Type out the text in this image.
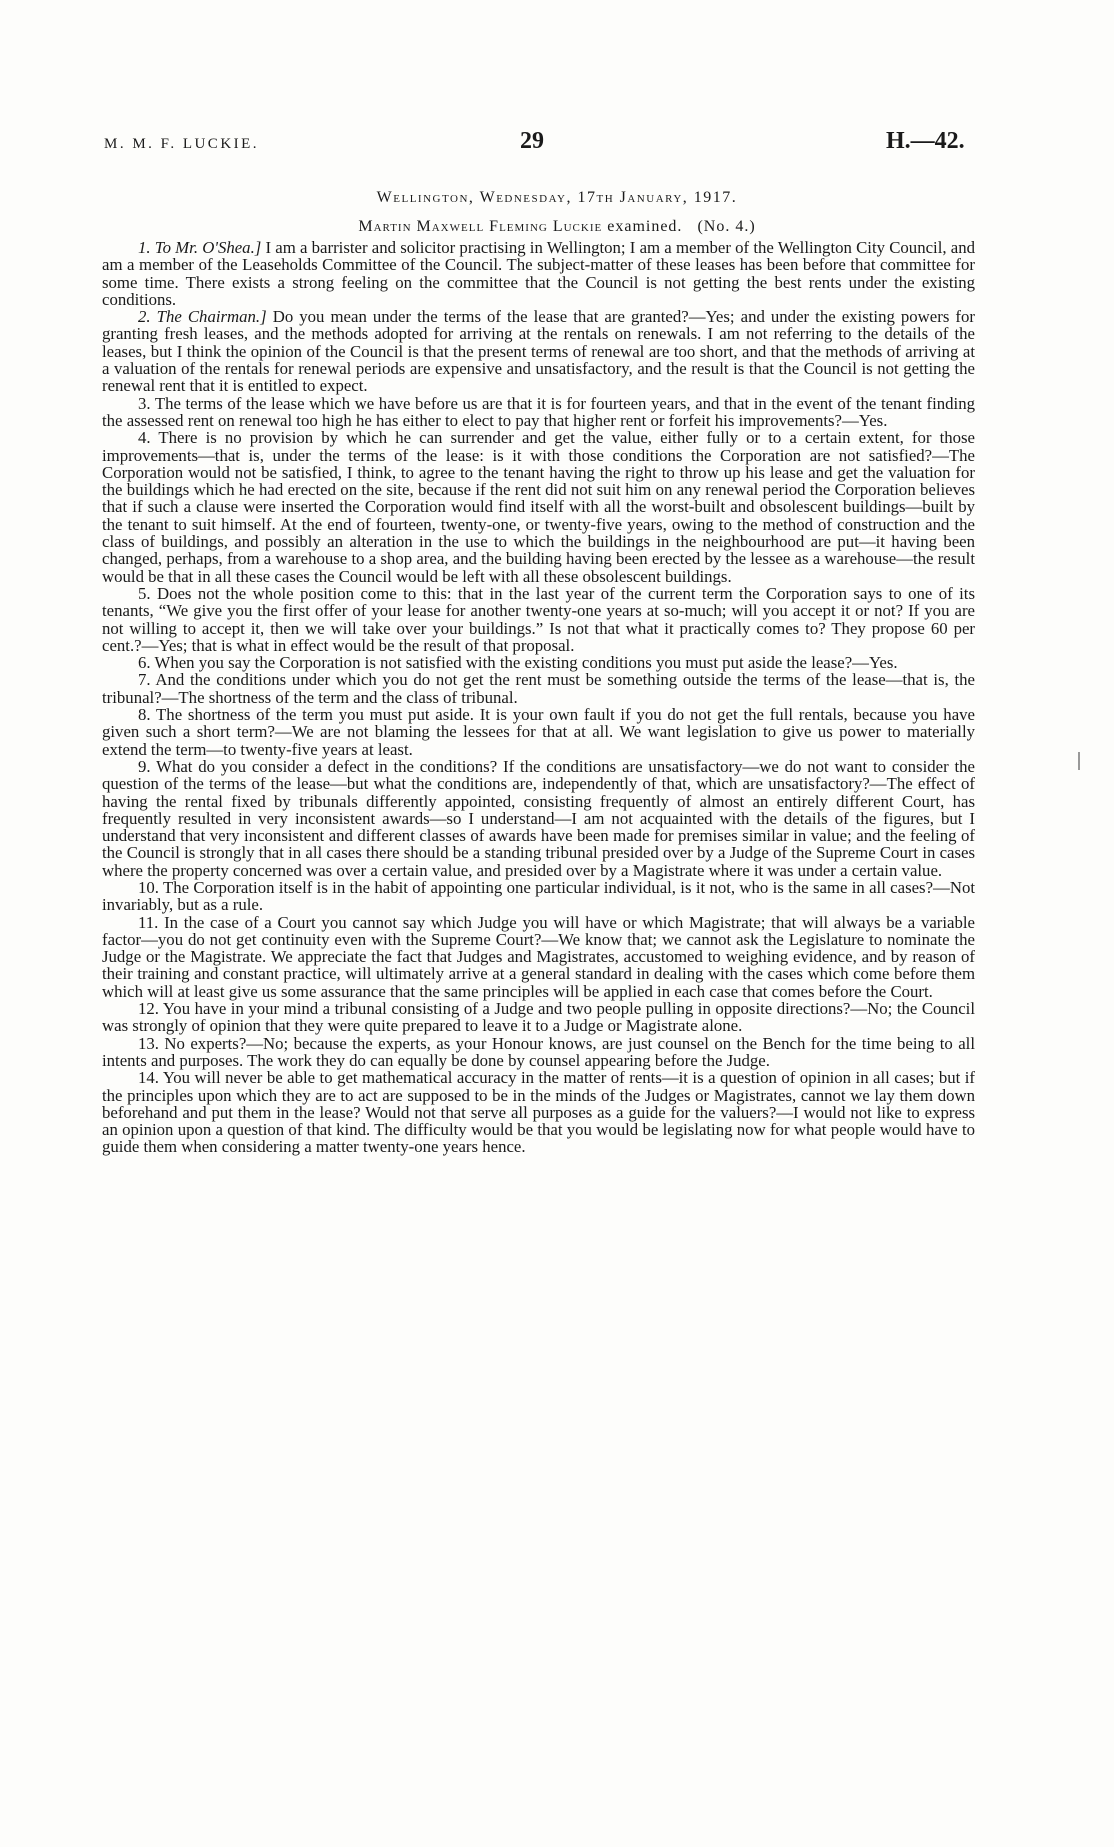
M. M. F. LUCKIE.	29	H.—42.
Wellington, Wednesday, 17th January, 1917.
Martin Maxwell Fleming Luckie examined. (No. 4.)

1. To Mr. O'Shea.] I am a barrister and solicitor practising in Wellington; I am a member of the Wellington City Council, and am a member of the Leaseholds Committee of the Council. The subject-matter of these leases has been before that committee for some time. There exists a strong feeling on the committee that the Council is not getting the best rents under the existing conditions.

2. The Chairman.] Do you mean under the terms of the lease that are granted?—Yes; and under the existing powers for granting fresh leases, and the methods adopted for arriving at the rentals on renewals. I am not referring to the details of the leases, but I think the opinion of the Council is that the present terms of renewal are too short, and that the methods of arriving at a valuation of the rentals for renewal periods are expensive and unsatisfactory, and the result is that the Council is not getting the renewal rent that it is entitled to expect.

3. The terms of the lease which we have before us are that it is for fourteen years, and that in the event of the tenant finding the assessed rent on renewal too high he has either to elect to pay that higher rent or forfeit his improvements?—Yes.

4. There is no provision by which he can surrender and get the value, either fully or to a certain extent, for those improvements—that is, under the terms of the lease: is it with those conditions the Corporation are not satisfied?—The Corporation would not be satisfied, I think, to agree to the tenant having the right to throw up his lease and get the valuation for the buildings which he had erected on the site, because if the rent did not suit him on any renewal period the Corporation believes that if such a clause were inserted the Corporation would find itself with all the worst-built and obsolescent buildings—built by the tenant to suit himself. At the end of fourteen, twenty-one, or twenty-five years, owing to the method of construction and the class of buildings, and possibly an alteration in the use to which the buildings in the neighbourhood are put—it having been changed, perhaps, from a warehouse to a shop area, and the building having been erected by the lessee as a warehouse—the result would be that in all these cases the Council would be left with all these obsolescent buildings.

5. Does not the whole position come to this: that in the last year of the current term the Corporation says to one of its tenants, “We give you the first offer of your lease for another twenty-one years at so-much; will you accept it or not? If you are not willing to accept it, then we will take over your buildings.” Is not that what it practically comes to? They propose 60 per cent.?—Yes; that is what in effect would be the result of that proposal.

6. When you say the Corporation is not satisfied with the existing conditions you must put aside the lease?—Yes.

7. And the conditions under which you do not get the rent must be something outside the terms of the lease—that is, the tribunal?—The shortness of the term and the class of tribunal.

8. The shortness of the term you must put aside. It is your own fault if you do not get the full rentals, because you have given such a short term?—We are not blaming the lessees for that at all. We want legislation to give us power to materially extend the term—to twenty-five years at least.

9. What do you consider a defect in the conditions? If the conditions are unsatisfactory—we do not want to consider the question of the terms of the lease—but what the conditions are, independently of that, which are unsatisfactory?—The effect of having the rental fixed by tribunals differently appointed, consisting frequently of almost an entirely different Court, has frequently resulted in very inconsistent awards—so I understand—I am not acquainted with the details of the figures, but I understand that very inconsistent and different classes of awards have been made for premises similar in value; and the feeling of the Council is strongly that in all cases there should be a standing tribunal presided over by a Judge of the Supreme Court in cases where the property concerned was over a certain value, and presided over by a Magistrate where it was under a certain value.

10. The Corporation itself is in the habit of appointing one particular individual, is it not, who is the same in all cases?—Not invariably, but as a rule.

11. In the case of a Court you cannot say which Judge you will have or which Magistrate; that will always be a variable factor—you do not get continuity even with the Supreme Court?—We know that; we cannot ask the Legislature to nominate the Judge or the Magistrate. We appreciate the fact that Judges and Magistrates, accustomed to weighing evidence, and by reason of their training and constant practice, will ultimately arrive at a general standard in dealing with the cases which come before them which will at least give us some assurance that the same principles will be applied in each case that comes before the Court.

12. You have in your mind a tribunal consisting of a Judge and two people pulling in opposite directions?—No; the Council was strongly of opinion that they were quite prepared to leave it to a Judge or Magistrate alone.

13. No experts?—No; because the experts, as your Honour knows, are just counsel on the Bench for the time being to all intents and purposes. The work they do can equally be done by counsel appearing before the Judge.

14. You will never be able to get mathematical accuracy in the matter of rents—it is a question of opinion in all cases; but if the principles upon which they are to act are supposed to be in the minds of the Judges or Magistrates, cannot we lay them down beforehand and put them in the lease? Would not that serve all purposes as a guide for the valuers?—I would not like to express an opinion upon a question of that kind. The difficulty would be that you would be legislating now for what people would have to guide them when considering a matter twenty-one years hence.
